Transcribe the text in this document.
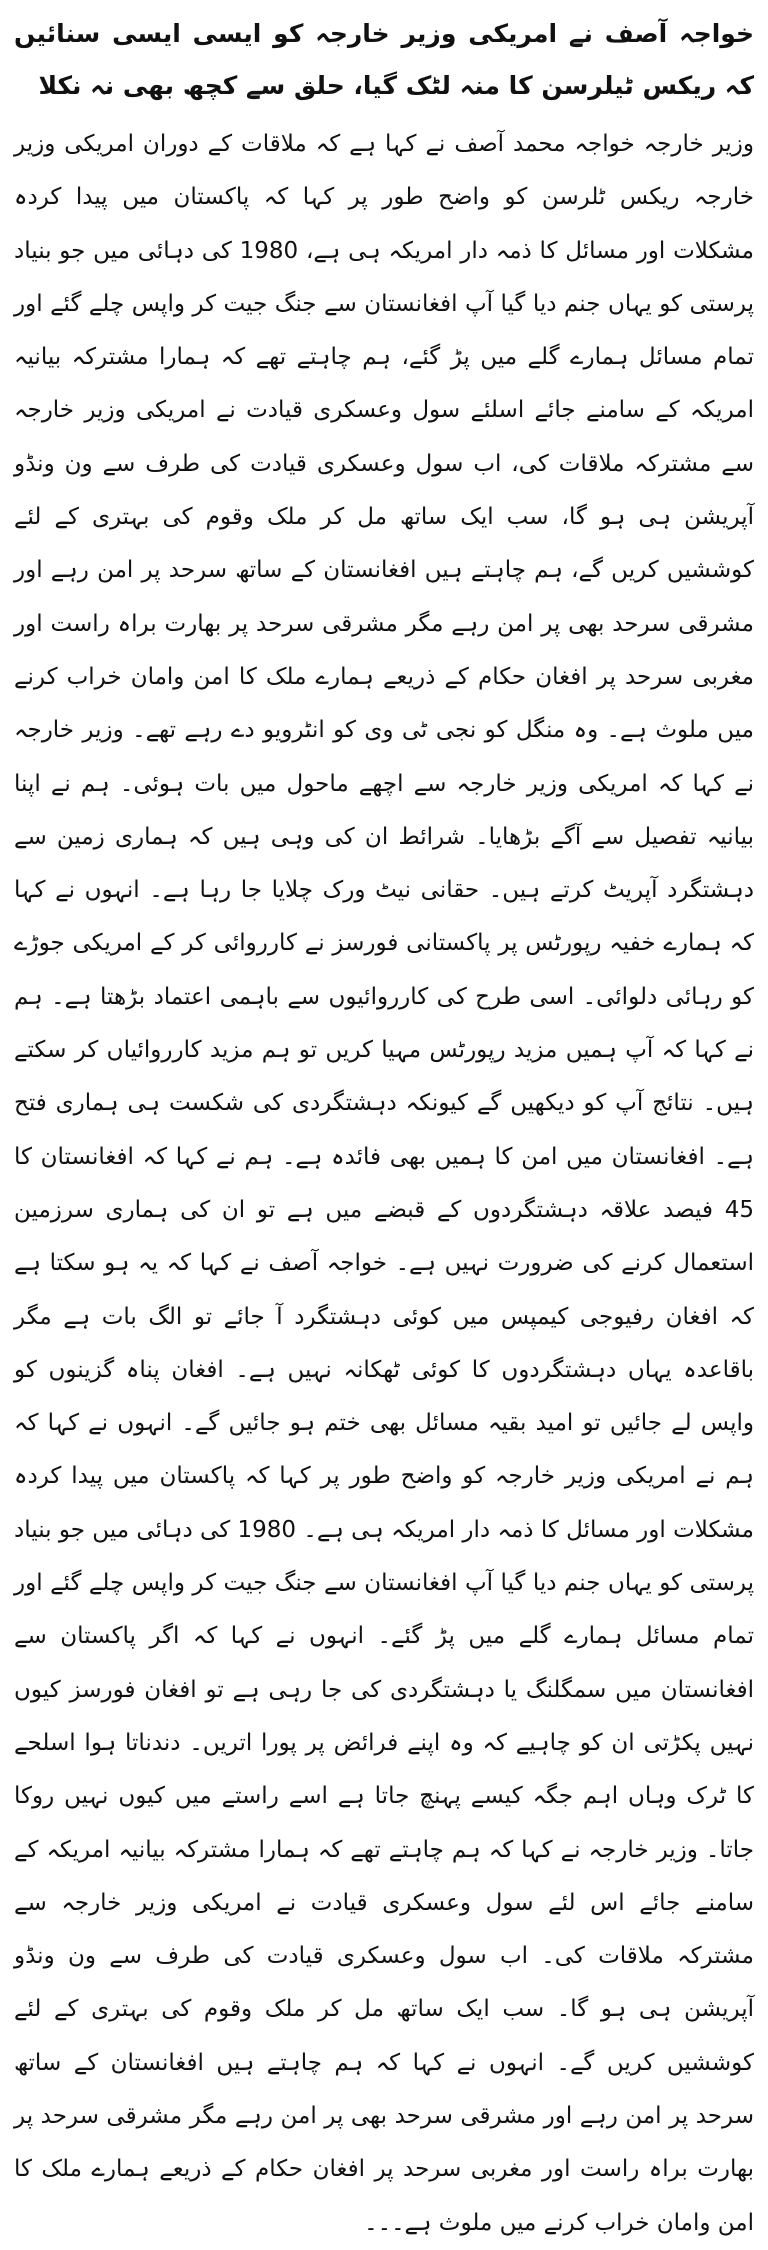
خواجہ آصف نے امریکی وزیر خارجہ کو ایسی ایسی سنائیں کہ ریکس ٹیلرسن کا منہ لٹک گیا، حلق سے کچھ بھی نہ نکلا

وزیر خارجہ خواجہ محمد آصف نے کہا ہے کہ ملاقات کے دوران امریکی وزیر خارجہ ریکس ٹلرسن کو واضح طور پر کہا کہ پاکستان میں پیدا کردہ مشکلات اور مسائل کا ذمہ دار امریکہ ہی ہے، 1980 کی دہائی میں جو بنیاد پرستی کو یہاں جنم دیا گیا آپ افغانستان سے جنگ جیت کر واپس چلے گئے اور تمام مسائل ہمارے گلے میں پڑ گئے، ہم چاہتے تھے کہ ہمارا مشترکہ بیانیہ امریکہ کے سامنے جائے اسلئے سول وعسکری قیادت نے امریکی وزیر خارجہ سے مشترکہ ملاقات کی، اب سول وعسکری قیادت کی طرف سے ون ونڈو آپریشن ہی ہو گا، سب ایک ساتھ مل کر ملک وقوم کی بہتری کے لئے کوششیں کریں گے، ہم چاہتے ہیں افغانستان کے ساتھ سرحد پر امن رہے اور مشرقی سرحد بھی پر امن رہے مگر مشرقی سرحد پر بھارت براہ راست اور مغربی سرحد پر افغان حکام کے ذریعے ہمارے ملک کا امن وامان خراب کرنے میں ملوث ہے۔ وہ منگل کو نجی ٹی وی کو انٹرویو دے رہے تھے۔ وزیر خارجہ نے کہا کہ امریکی وزیر خارجہ سے اچھے ماحول میں بات ہوئی۔ ہم نے اپنا بیانیہ تفصیل سے آگے بڑھایا۔ شرائط ان کی وہی ہیں کہ ہماری زمین سے دہشتگرد آپریٹ کرتے ہیں۔ حقانی نیٹ ورک چلایا جا رہا ہے۔ انہوں نے کہا کہ ہمارے خفیہ رپورٹس پر پاکستانی فورسز نے کارروائی کر کے امریکی جوڑے کو رہائی دلوائی۔ اسی طرح کی کارروائیوں سے باہمی اعتماد بڑھتا ہے۔ ہم نے کہا کہ آپ ہمیں مزید رپورٹس مہیا کریں تو ہم مزید کارروائیاں کر سکتے ہیں۔ نتائج آپ کو دیکھیں گے کیونکہ دہشتگردی کی شکست ہی ہماری فتح ہے۔ افغانستان میں امن کا ہمیں بھی فائدہ ہے۔ ہم نے کہا کہ افغانستان کا 45 فیصد علاقہ دہشتگردوں کے قبضے میں ہے تو ان کی ہماری سرزمین استعمال کرنے کی ضرورت نہیں ہے۔ خواجہ آصف نے کہا کہ یہ ہو سکتا ہے کہ افغان رفیوجی کیمپس میں کوئی دہشتگرد آ جائے تو الگ بات ہے مگر باقاعدہ یہاں دہشتگردوں کا کوئی ٹھکانہ نہیں ہے۔ افغان پناہ گزینوں کو واپس لے جائیں تو امید بقیہ مسائل بھی ختم ہو جائیں گے۔ انہوں نے کہا کہ ہم نے امریکی وزیر خارجہ کو واضح طور پر کہا کہ پاکستان میں پیدا کردہ مشکلات اور مسائل کا ذمہ دار امریکہ ہی ہے۔ 1980 کی دہائی میں جو بنیاد پرستی کو یہاں جنم دیا گیا آپ افغانستان سے جنگ جیت کر واپس چلے گئے اور تمام مسائل ہمارے گلے میں پڑ گئے۔ انہوں نے کہا کہ اگر پاکستان سے افغانستان میں سمگلنگ یا دہشتگردی کی جا رہی ہے تو افغان فورسز کیوں نہیں پکڑتی ان کو چاہیے کہ وہ اپنے فرائض پر پورا اتریں۔ دندناتا ہوا اسلحے کا ٹرک وہاں اہم جگہ کیسے پہنچ جاتا ہے اسے راستے میں کیوں نہیں روکا جاتا۔ وزیر خارجہ نے کہا کہ ہم چاہتے تھے کہ ہمارا مشترکہ بیانیہ امریکہ کے سامنے جائے اس لئے سول وعسکری قیادت نے امریکی وزیر خارجہ سے مشترکہ ملاقات کی۔ اب سول وعسکری قیادت کی طرف سے ون ونڈو آپریشن ہی ہو گا۔ سب ایک ساتھ مل کر ملک وقوم کی بہتری کے لئے کوششیں کریں گے۔ انہوں نے کہا کہ ہم چاہتے ہیں افغانستان کے ساتھ سرحد پر امن رہے اور مشرقی سرحد بھی پر امن رہے مگر مشرقی سرحد پر بھارت براہ راست اور مغربی سرحد پر افغان حکام کے ذریعے ہمارے ملک کا امن وامان خراب کرنے میں ملوث ہے۔۔۔
